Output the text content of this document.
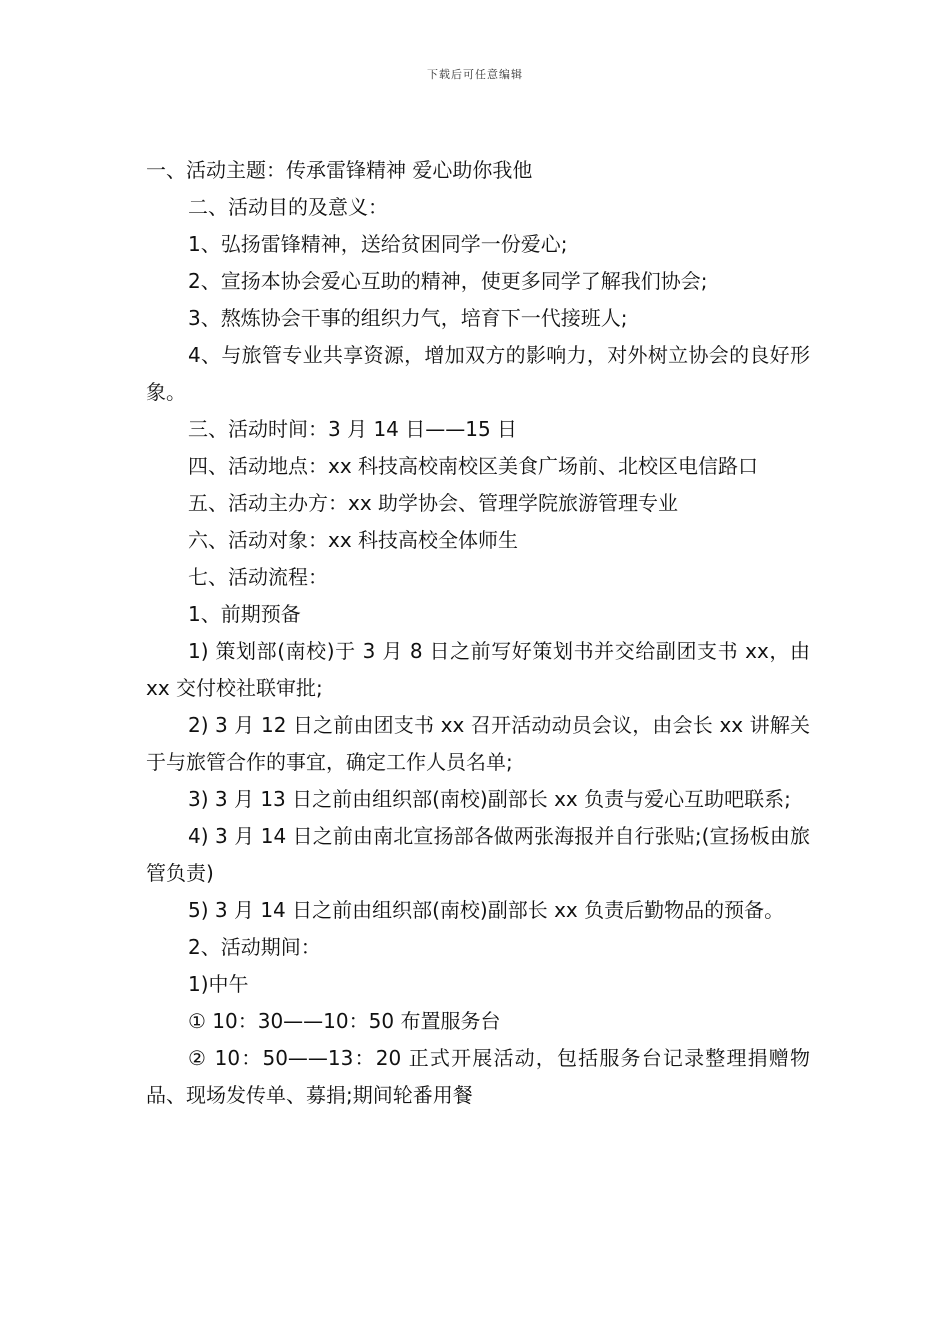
下载后可任意编辑

一、活动主题：传承雷锋精神 爱心助你我他

二、活动目的及意义：

1、弘扬雷锋精神，送给贫困同学一份爱心;

2、宣扬本协会爱心互助的精神，使更多同学了解我们协会;

3、熬炼协会干事的组织力气，培育下一代接班人;

4、与旅管专业共享资源，增加双方的影响力，对外树立协会的良好形象。

三、活动时间：3 月 14 日——15 日

四、活动地点：xx 科技高校南校区美食广场前、北校区电信路口

五、活动主办方：xx 助学协会、管理学院旅游管理专业

六、活动对象：xx 科技高校全体师生

七、活动流程：

1、前期预备

1) 策划部(南校)于 3 月 8 日之前写好策划书并交给副团支书 xx，由 xx 交付校社联审批;

2) 3 月 12 日之前由团支书 xx 召开活动动员会议，由会长 xx 讲解关于与旅管合作的事宜，确定工作人员名单;

3) 3 月 13 日之前由组织部(南校)副部长 xx 负责与爱心互助吧联系;

4) 3 月 14 日之前由南北宣扬部各做两张海报并自行张贴;(宣扬板由旅管负责)

5) 3 月 14 日之前由组织部(南校)副部长 xx 负责后勤物品的预备。

2、活动期间：

1)中午

① 10：30——10：50 布置服务台

② 10：50——13：20 正式开展活动，包括服务台记录整理捐赠物品、现场发传单、募捐;期间轮番用餐
